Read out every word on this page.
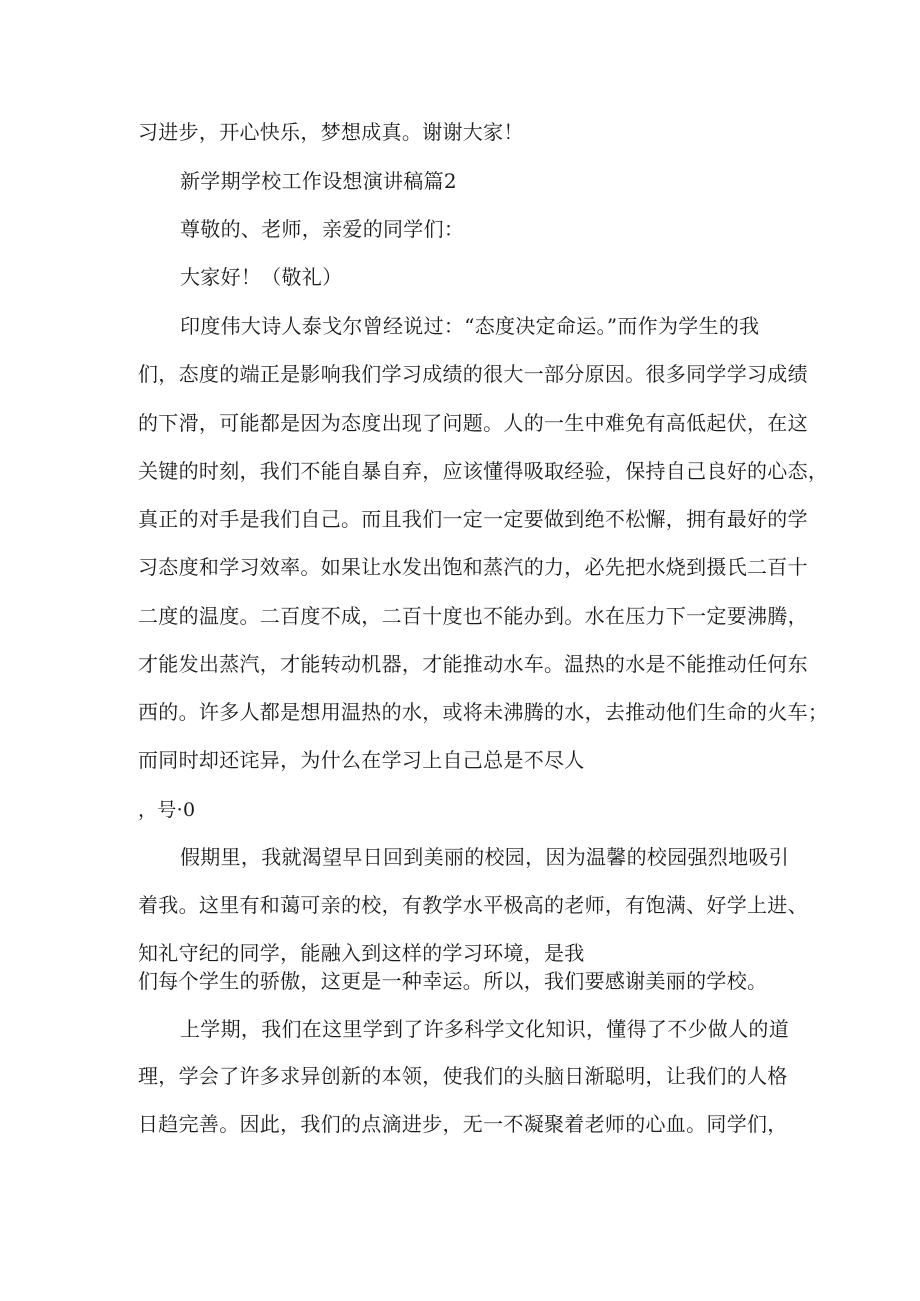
习进步，开心快乐，梦想成真。谢谢大家！
新学期学校工作设想演讲稿篇2
尊敬的、老师，亲爱的同学们：
大家好！（敬礼）
印度伟大诗人泰戈尔曾经说过：“态度决定命运。”而作为学生的我
们，态度的端正是影响我们学习成绩的很大一部分原因。很多同学学习成绩
的下滑，可能都是因为态度出现了问题。人的一生中难免有高低起伏，在这
关键的时刻，我们不能自暴自弃，应该懂得吸取经验，保持自己良好的心态，
真正的对手是我们自己。而且我们一定一定要做到绝不松懈，拥有最好的学
习态度和学习效率。如果让水发出饱和蒸汽的力，必先把水烧到摄氏二百十
二度的温度。二百度不成，二百十度也不能办到。水在压力下一定要沸腾，
才能发出蒸汽，才能转动机器，才能推动水车。温热的水是不能推动任何东
西的。许多人都是想用温热的水，或将未沸腾的水，去推动他们生命的火车；
而同时却还诧异，为什么在学习上自己总是不尽人
，号·0
假期里，我就渴望早日回到美丽的校园，因为温馨的校园强烈地吸引
着我。这里有和蔼可亲的校，有教学水平极高的老师，有饱满、好学上进、
知礼守纪的同学，能融入到这样的学习环境，是我
们每个学生的骄傲，这更是一种幸运。所以，我们要感谢美丽的学校。
上学期，我们在这里学到了许多科学文化知识，懂得了不少做人的道
理，学会了许多求异创新的本领，使我们的头脑日渐聪明，让我们的人格
日趋完善。因此，我们的点滴进步，无一不凝聚着老师的心血。同学们，
